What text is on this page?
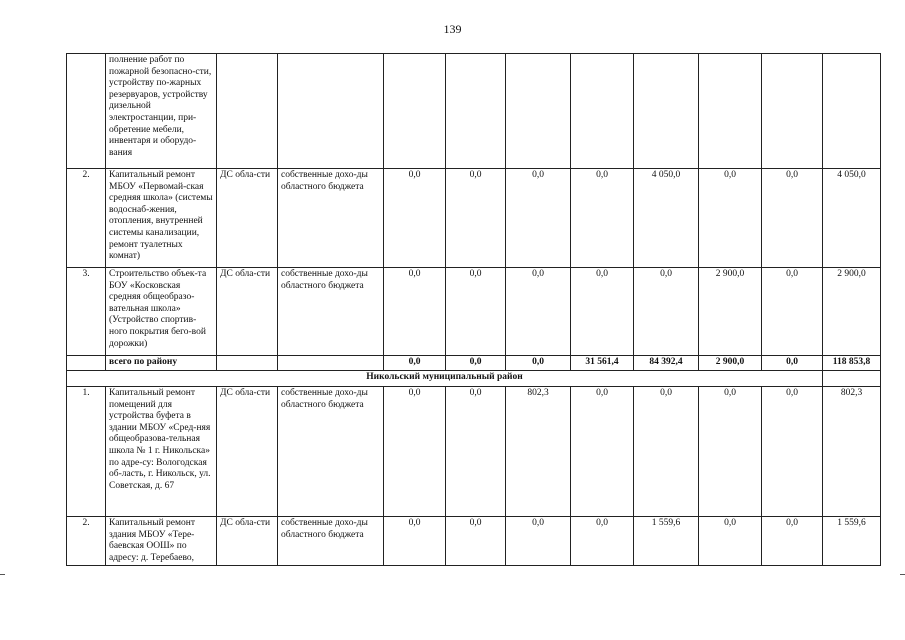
139
	полнение работ по пожарной безопасно-сти, устройству по-жарных резервуаров, устройству дизельной электростанции, при-обретение мебели, инвентаря и оборудо-вания										
2.	Капитальный ремонт МБОУ «Первомай-ская средняя школа» (системы водоснаб-жения, отопления, внутренней системы канализации, ремонт туалетных комнат)	ДС обла-сти	собственные дохо-ды областного бюджета	0,0	0,0	0,0	0,0	4 050,0	0,0	0,0	4 050,0
3.	Строительство объек-та БОУ «Косковская средняя общеобразо-вательная школа» (Устройство спортив-ного покрытия бего-вой дорожки)	ДС обла-сти	собственные дохо-ды областного бюджета	0,0	0,0	0,0	0,0	0,0	2 900,0	0,0	2 900,0
	всего по району			0,0	0,0	0,0	31 561,4	84 392,4	2 900,0	0,0	118 853,8
Никольский муниципальный район											
1.	Капитальный ремонт помещений для устройства буфета в здании МБОУ «Сред-няя общеобразова-тельная школа № 1 г. Никольска» по адре-су: Вологодская об-ласть, г. Никольск, ул. Советская, д. 67	ДС обла-сти	собственные дохо-ды областного бюджета	0,0	0,0	802,3	0,0	0,0	0,0	0,0	802,3
2.	Капитальный ремонт здания МБОУ «Тере-баевская ООШ» по адресу: д. Теребаево,	ДС обла-сти	собственные дохо-ды областного бюджета	0,0	0,0	0,0	0,0	1 559,6	0,0	0,0	1 559,6
